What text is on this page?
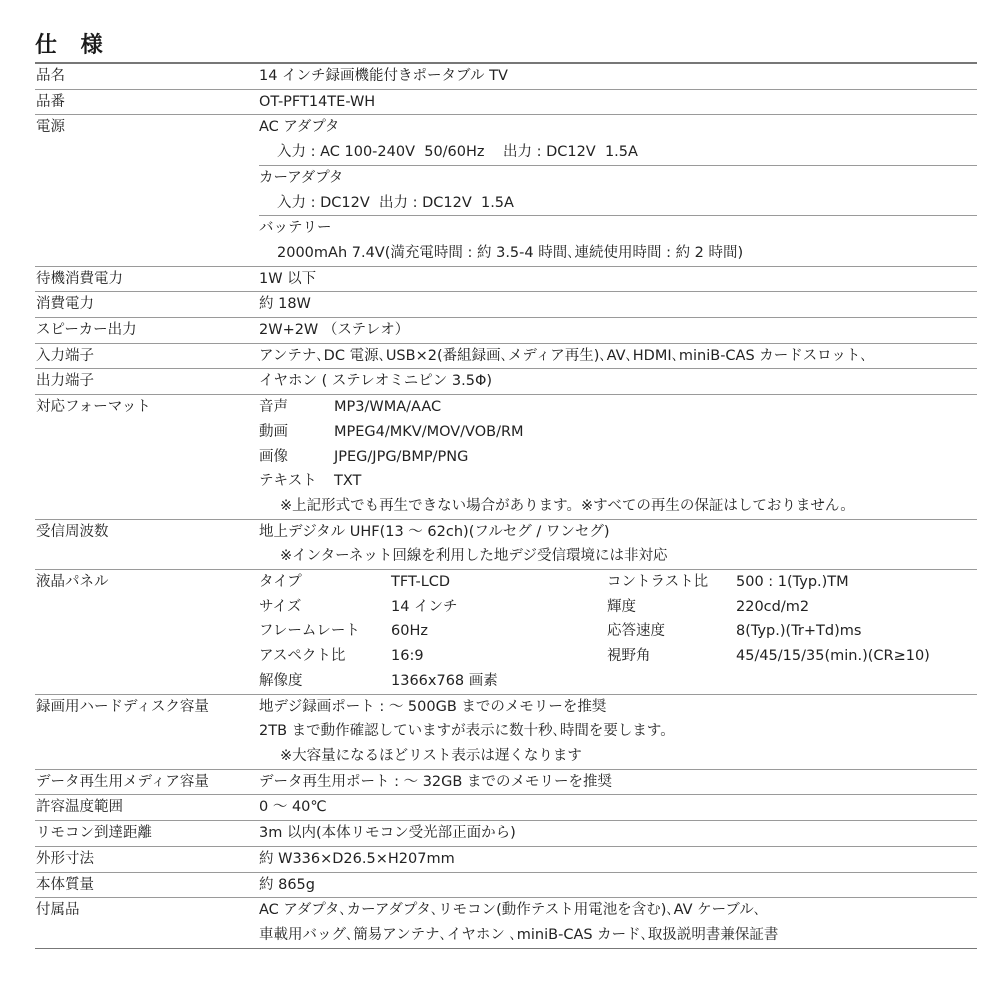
仕 様
品名	14 インチ録画機能付きポータブル TV
品番	OT-PFT14TE-WH
電源	AC アダプタ
入力 : AC 100-240V  50/60Hz    出力 : DC12V  1.5A
カーアダプタ
入力 : DC12V  出力 : DC12V  1.5A
バッテリー
2000mAh 7.4V(満充電時間 : 約 3.5-4 時間､連続使用時間 : 約 2 時間)
待機消費電力	1W 以下
消費電力	約 18W
スピーカー出力	2W+2W （ステレオ）
入力端子	アンテナ､DC 電源､USB×2(番組録画､メディア再生)､AV､HDMI､miniB-CAS カードスロット､
出力端子	イヤホン ( ステレオミニピン 3.5Φ)
対応フォーマット	音声	MP3/WMA/AAC
動画	MPEG4/MKV/MOV/VOB/RM
画像	JPEG/JPG/BMP/PNG
テキスト	TXT
※上記形式でも再生できない場合があります。※すべての再生の保証はしておりません。
受信周波数	地上デジタル UHF(13 ～ 62ch)(フルセグ / ワンセグ)
※インターネット回線を利用した地デジ受信環境には非対応
液晶パネル	タイプ	TFT-LCD	コントラスト比	500 : 1(Typ.)TM
サイズ	14 インチ	輝度	220cd/m2
フレームレート	60Hz	応答速度	8(Typ.)(Tr+Td)ms
アスペクト比	16:9	視野角	45/45/15/35(min.)(CR≥10)
解像度	1366x768 画素
録画用ハードディスク容量	地デジ録画ポート : ～ 500GB までのメモリーを推奨
2TB まで動作確認していますが表示に数十秒､時間を要します。
※大容量になるほどリスト表示は遅くなります
データ再生用メディア容量	データ再生用ポート : ～ 32GB までのメモリーを推奨
許容温度範囲	0 ～ 40℃
リモコン到達距離	3m 以内(本体リモコン受光部正面から)
外形寸法	約 W336×D26.5×H207mm
本体質量	約 865g
付属品	AC アダプタ､カーアダプタ､リモコン(動作テスト用電池を含む)､AV ケーブル､
車載用バッグ､簡易アンテナ､イヤホン ､miniB-CAS カード､取扱説明書兼保証書
